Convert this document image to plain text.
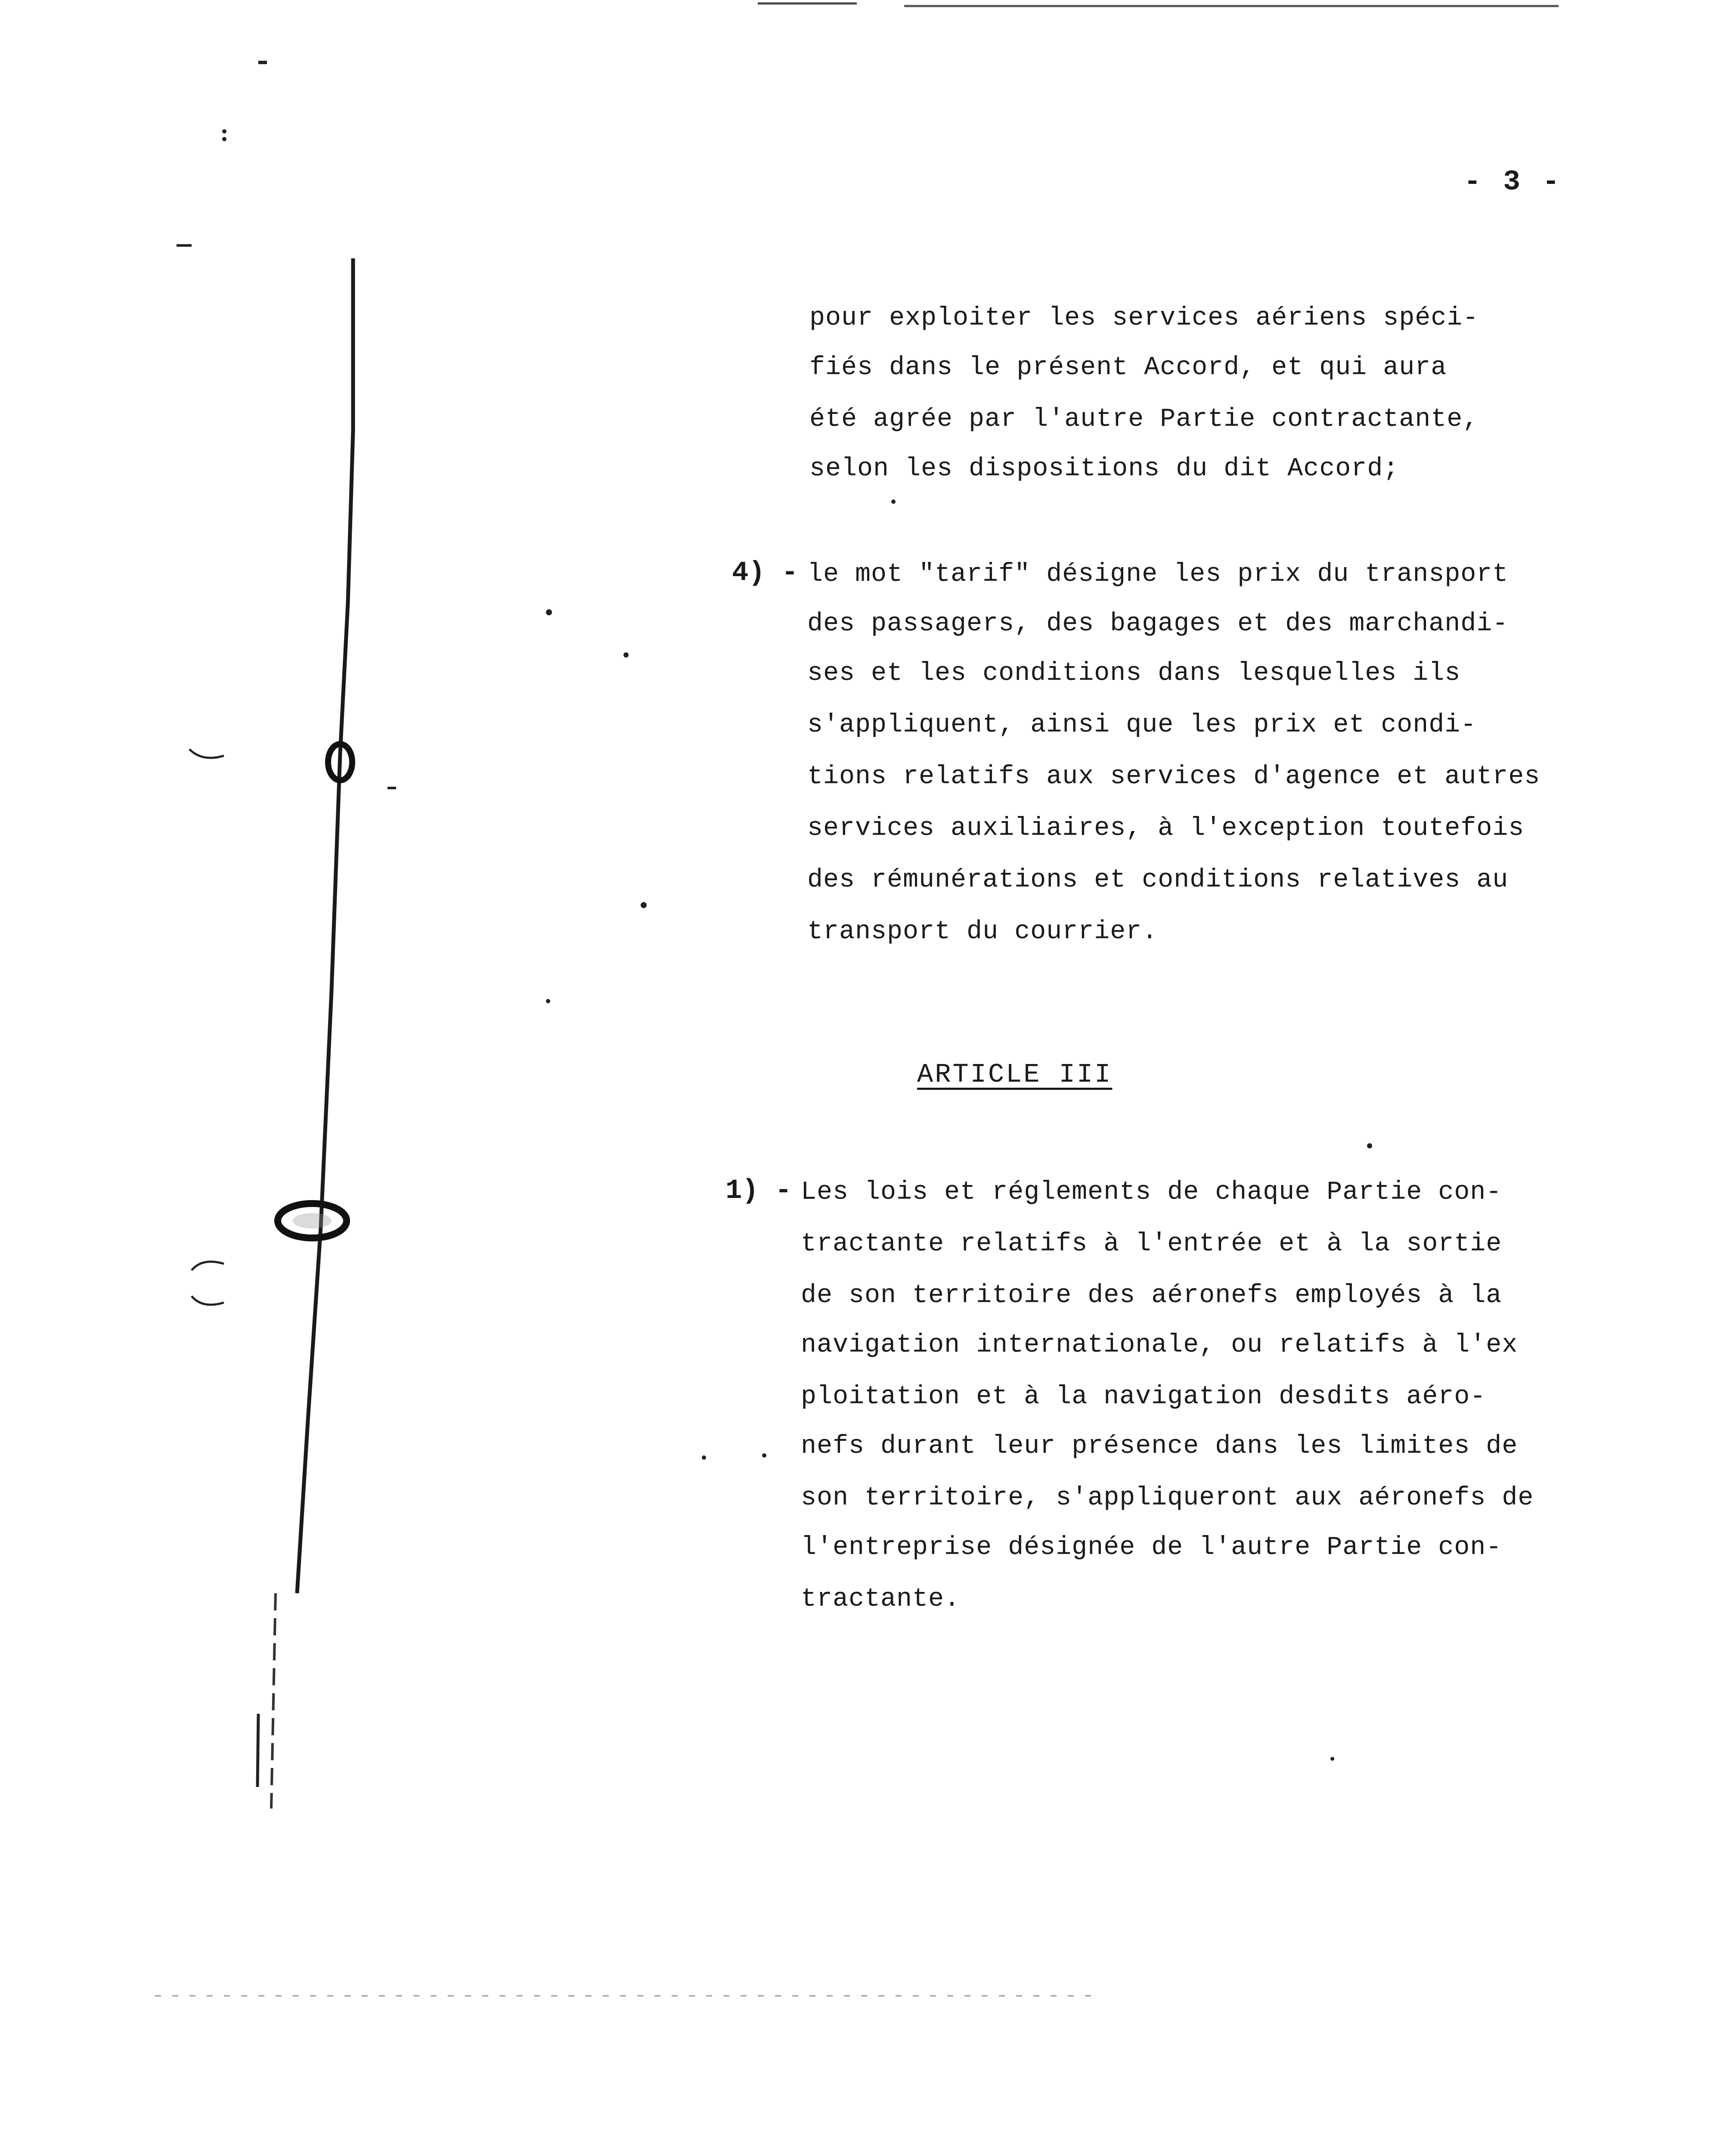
- 3 -
pour exploiter les services aériens spéci-
fiés dans le présent Accord, et qui aura
été agrée par l'autre Partie contractante,
selon les dispositions du dit Accord;
4) - le mot "tarif" désigne les prix du transport
des passagers, des bagages et des marchandi-
ses et les conditions dans lesquelles ils
s'appliquent, ainsi que les prix et condi-
tions relatifs aux services d'agence et autres
services auxiliaires, à l'exception toutefois
des rémunérations et conditions relatives au
transport du courrier.
ARTICLE III
1) - Les lois et réglements de chaque Partie con-
tractante relatifs à l'entrée et à la sortie
de son territoire des aéronefs employés à la
navigation internationale, ou relatifs à l'ex
ploitation et à la navigation desdits aéro-
nefs durant leur présence dans les limites de
son territoire, s'appliqueront aux aéronefs de
l'entreprise désignée de l'autre Partie con-
tractante.
